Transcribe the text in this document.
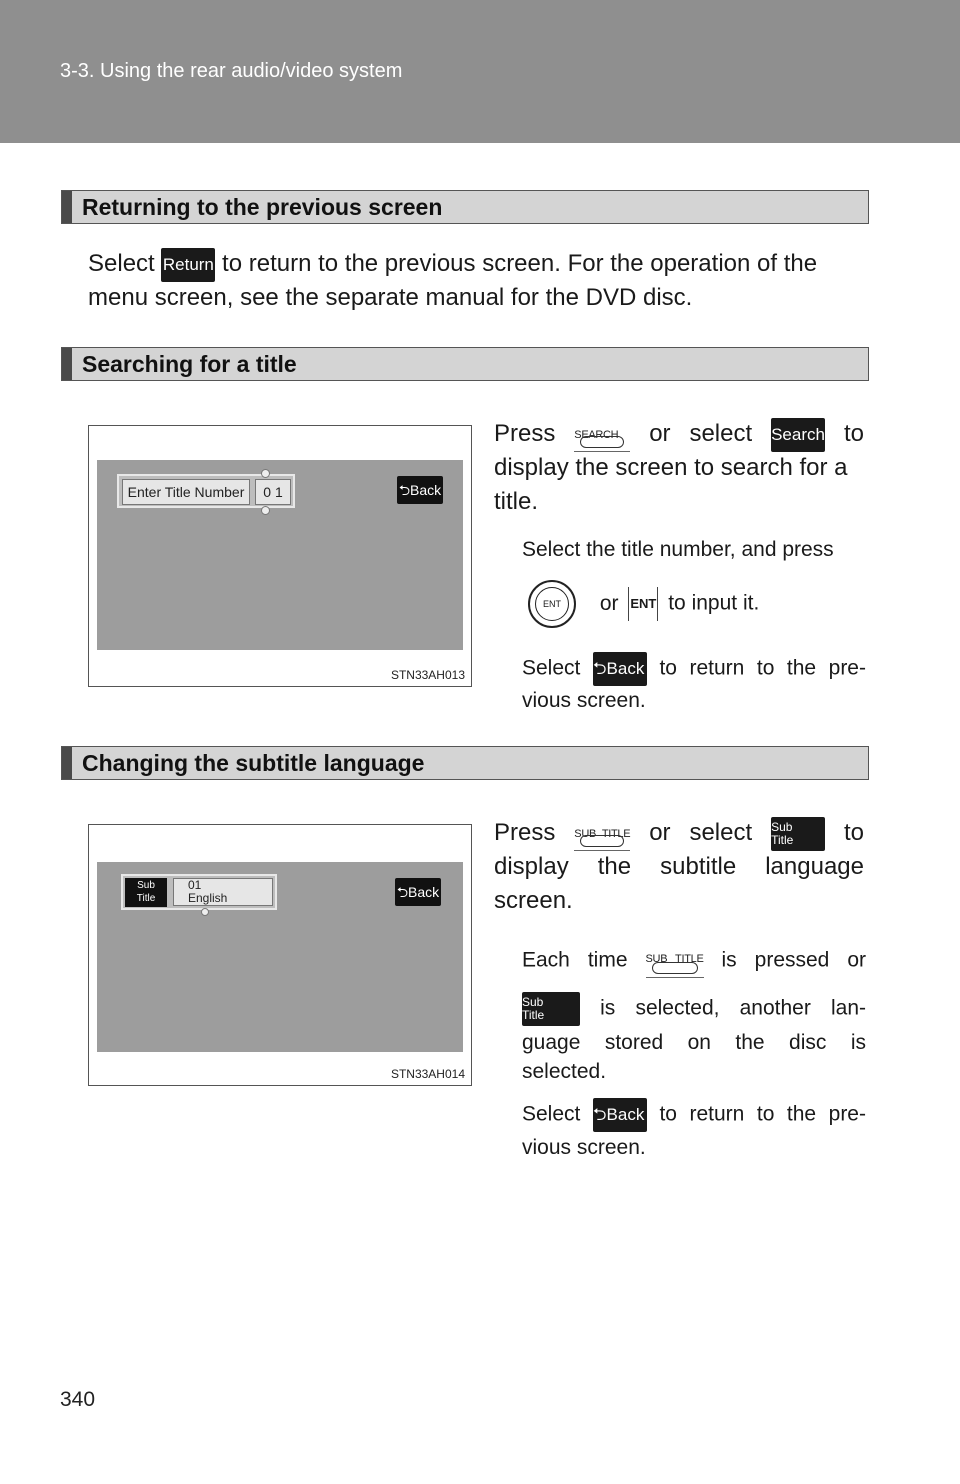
3-3. Using the rear audio/video system
Returning to the previous screen
Select Return to return to the previous screen. For the operation of the
menu screen, see the separate manual for the DVD disc.
Searching for a title
Enter Title Number	0 1	⮌Back
STN33AH013
Press SEARCH	or select Search to
display the screen to search for a
title.
Select the title number, and press
ENT	or ENT to input it.
Select ⮌Back to return to the pre-
vious screen.
Changing the subtitle language
Sub
Title
01
English	⮌Back
STN33AH014
Press SUB TITLE or select Sub
Title	to
display the subtitle language
screen.
Each time SUB TITLE is pressed or
Sub
Title	is selected, another lan-
guage stored on the disc is
selected.
Select ⮌Back to return to the pre-
vious screen.
340
